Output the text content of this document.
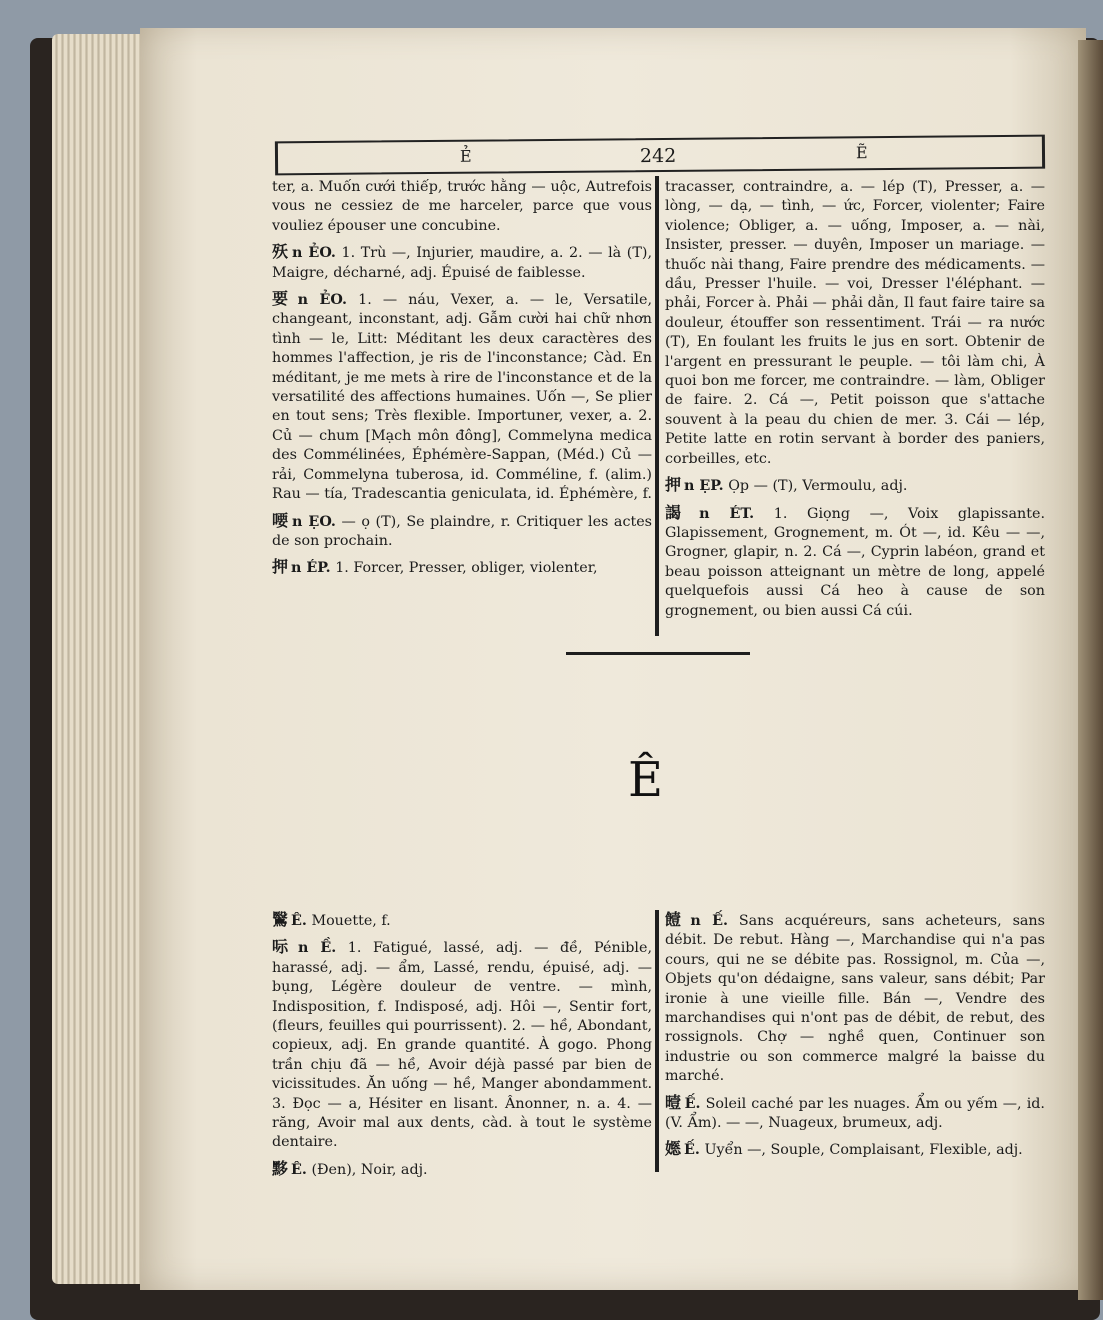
Ẻ	242	Ẽ

ter, a. Muốn cưới thiếp, trước hằng — uộc, Autrefois vous ne cessiez de me harceler, parce que vous vouliez épouser une concubine.

殀 n ẺO. 1. Trù —, Injurier, maudire, a. 2. — là (T), Maigre, décharné, adj. Épuisé de faiblesse.

要 n ẺO. 1. — náu, Vexer, a. — le, Versatile, changeant, inconstant, adj. Gẫm cười hai chữ nhơn tình — le, Litt: Méditant les deux caractères des hommes l'affection, je ris de l'inconstance; Càd. En méditant, je me mets à rire de l'inconstance et de la versatilité des affections humaines. Uốn —, Se plier en tout sens; Très flexible. Importuner, vexer, a. 2. Củ — chum [Mạch môn đông], Commelyna medica des Commélinées, Éphémère-Sappan, (Méd.) Củ — rải, Commelyna tuberosa, id. Comméline, f. (alim.) Rau — tía, Tradescantia geniculata, id. Éphémère, f.

喓 n ẸO. — ọ (T), Se plaindre, r. Critiquer les actes de son prochain.

押 n ÉP. 1. Forcer, Presser, obliger, violenter,

tracasser, contraindre, a. — lép (T), Presser, a. — lòng, — dạ, — tình, — ức, Forcer, violenter; Faire violence; Obliger, a. — uống, Imposer, a. — nài, Insister, presser. — duyên, Imposer un mariage. — thuốc nài thang, Faire prendre des médicaments. — dầu, Presser l'huile. — voi, Dresser l'éléphant. — phải, Forcer à. Phải — phải dằn, Il faut faire taire sa douleur, étouffer son ressentiment. Trái — ra nước (T), En foulant les fruits le jus en sort. Obtenir de l'argent en pressurant le peuple. — tôi làm chi, À quoi bon me forcer, me contraindre. — làm, Obliger de faire. 2. Cá —, Petit poisson que s'attache souvent à la peau du chien de mer. 3. Cái — lép, Petite latte en rotin servant à border des paniers, corbeilles, etc.

押 n ẸP. Ọp — (T), Vermoulu, adj.

謁 n ÉT. 1. Giọng —, Voix glapissante. Glapissement, Grognement, m. Ót —, id. Kêu — —, Grogner, glapir, n. 2. Cá —, Cyprin labéon, grand et beau poisson atteignant un mètre de long, appelé quelquefois aussi Cá heo à cause de son grognement, ou bien aussi Cá cúi.

Ê

鷖 Ê. Mouette, f.

呩 n Ề. 1. Fatigué, lassé, adj. — đề, Pénible, harassé, adj. — ẩm, Lassé, rendu, épuisé, adj. — bụng, Légère douleur de ventre. — mình, Indisposition, f. Indisposé, adj. Hôi —, Sentir fort, (fleurs, feuilles qui pourrissent). 2. — hề, Abondant, copieux, adj. En grande quantité. À gogo. Phong trần chịu đã — hề, Avoir déjà passé par bien de vicissitudes. Ăn uống — hề, Manger abondamment. 3. Đọc — a, Hésiter en lisant. Ânonner, n. a. 4. — răng, Avoir mal aux dents, càd. à tout le système dentaire.

黟 Ê. (Đen), Noir, adj.

饐 n Ế. Sans acquéreurs, sans acheteurs, sans débit. De rebut. Hàng —, Marchandise qui n'a pas cours, qui ne se débite pas. Rossignol, m. Của —, Objets qu'on dédaigne, sans valeur, sans débit; Par ironie à une vieille fille. Bán —, Vendre des marchandises qui n'ont pas de débit, de rebut, des rossignols. Chợ — nghề quen, Continuer son industrie ou son commerce malgré la baisse du marché.

曀 Ế. Soleil caché par les nuages. Ẩm ou yếm —, id. (V. Ẩm). — —, Nuageux, brumeux, adj.

嫕 Ế. Uyển —, Souple, Complaisant, Flexible, adj.
